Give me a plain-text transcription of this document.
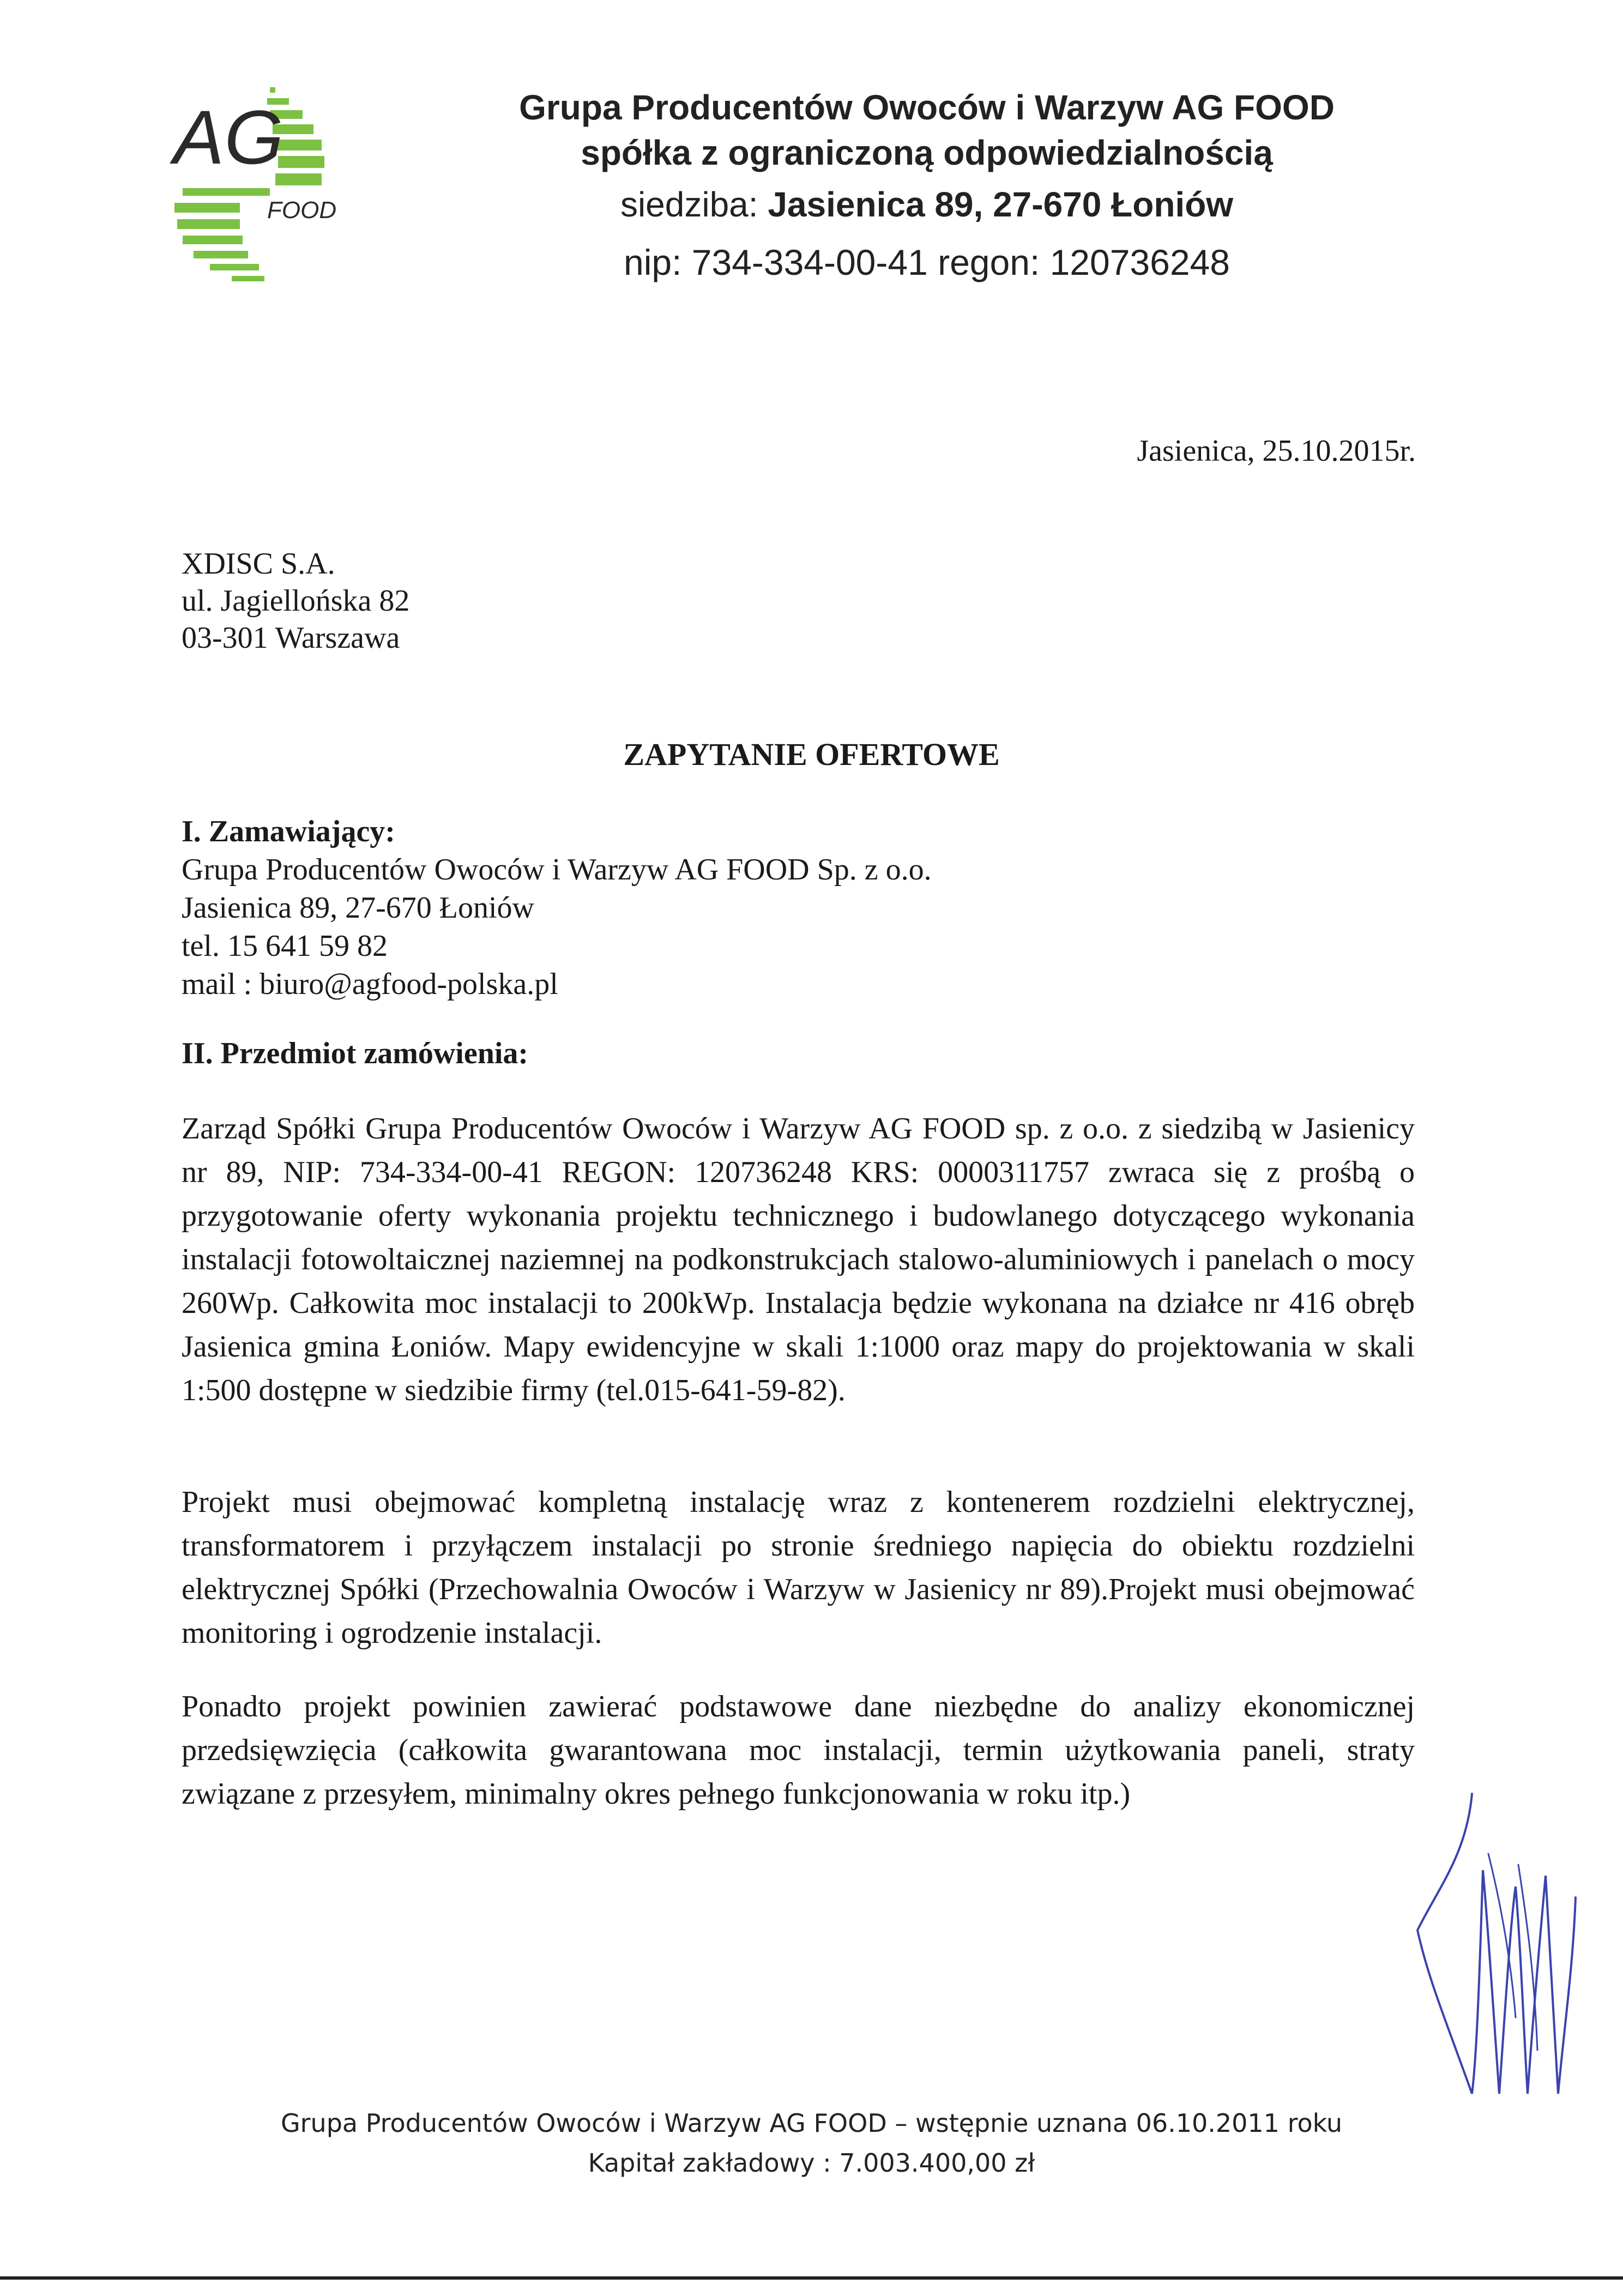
AG
FOOD
Grupa Producentów Owoców i Warzyw AG FOOD
spółka z ograniczoną odpowiedzialnością
siedziba: Jasienica 89, 27-670 Łoniów
nip: 734-334-00-41 regon: 120736248
Jasienica, 25.10.2015r.
XDISC S.A.
ul. Jagiellońska 82
03-301 Warszawa
ZAPYTANIE OFERTOWE
I. Zamawiający:
Grupa Producentów Owoców i Warzyw AG FOOD Sp. z o.o.
Jasienica 89, 27-670 Łoniów
tel. 15 641 59 82
mail : biuro@agfood-polska.pl
II. Przedmiot zamówienia:
Zarząd Spółki Grupa Producentów Owoców i Warzyw AG FOOD sp. z o.o. z siedzibą w Jasienicy nr 89, NIP: 734-334-00-41 REGON: 120736248 KRS: 0000311757 zwraca się z prośbą o przygotowanie oferty wykonania projektu technicznego i budowlanego dotyczącego wykonania instalacji fotowoltaicznej naziemnej na podkonstrukcjach stalowo-aluminiowych i panelach o mocy 260Wp. Całkowita moc instalacji to 200kWp. Instalacja będzie wykonana na działce nr 416 obręb Jasienica gmina Łoniów. Mapy ewidencyjne w skali 1:1000 oraz mapy do projektowania w skali 1:500 dostępne w siedzibie firmy (tel.015-641-59-82).
Projekt musi obejmować kompletną instalację wraz z kontenerem rozdzielni elektrycznej, transformatorem i przyłączem instalacji po stronie średniego napięcia do obiektu rozdzielni elektrycznej Spółki (Przechowalnia Owoców i Warzyw w Jasienicy nr 89).Projekt musi obejmować monitoring i ogrodzenie instalacji.
Ponadto projekt powinien zawierać podstawowe dane niezbędne do analizy ekonomicznej przedsięwzięcia (całkowita gwarantowana moc instalacji, termin użytkowania paneli, straty związane z przesyłem, minimalny okres pełnego funkcjonowania w roku itp.)
Grupa Producentów Owoców i Warzyw AG FOOD – wstępnie uznana 06.10.2011 roku
Kapitał zakładowy : 7.003.400,00 zł
